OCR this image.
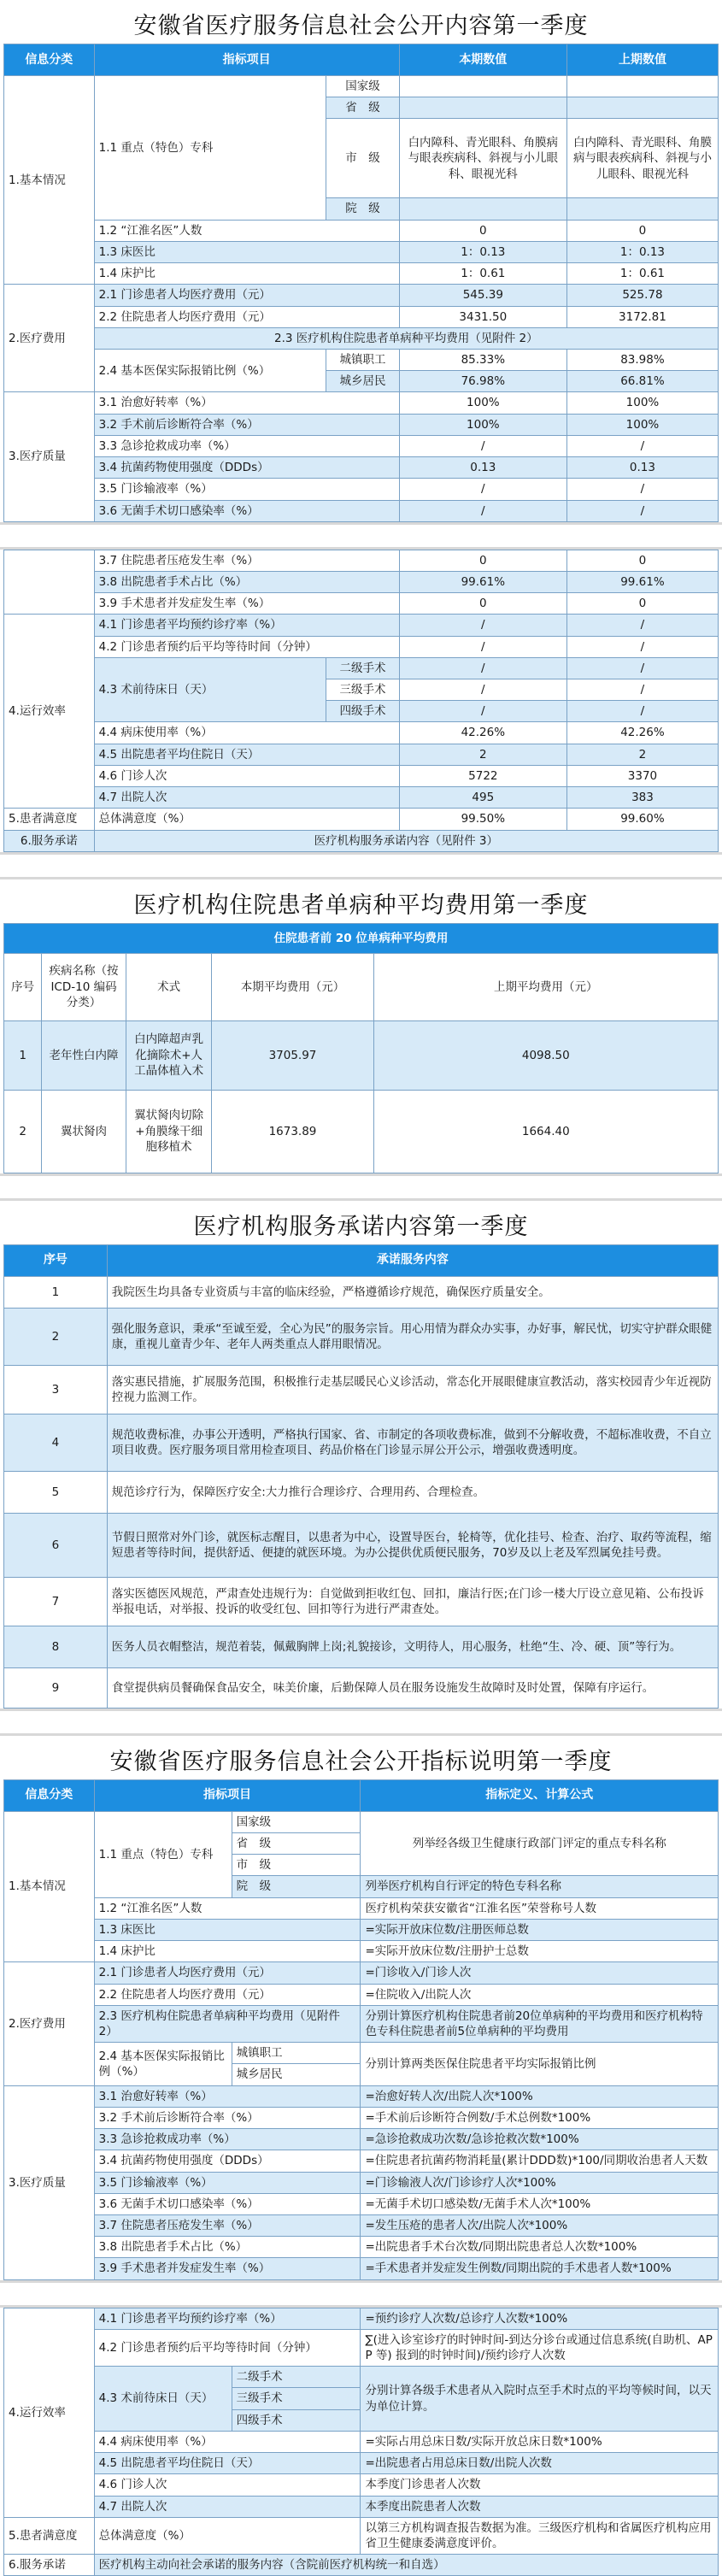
安徽省医疗服务信息社会公开内容第一季度
信息分类	指标项目		本期数值	上期数值
1.基本情况	1.1 重点（特色）专科	国家级		
		省　级		
		市　级	白内障科、青光眼科、角膜病与眼表疾病科、斜视与小儿眼科、眼视光科	白内障科、青光眼科、角膜病与眼表疾病科、斜视与小儿眼科、眼视光科
		院　级		
	1.2 “江淮名医”人数		0	0
	1.3 床医比		1：0.13	1：0.13
	1.4 床护比		1：0.61	1：0.61
2.医疗费用	2.1 门诊患者人均医疗费用（元）		545.39	525.78
	2.2 住院患者人均医疗费用（元）		3431.50	3172.81
	2.3 医疗机构住院患者单病种平均费用（见附件 2）			
	2.4 基本医保实际报销比例（%）	城镇职工	85.33%	83.98%
		城乡居民	76.98%	66.81%
3.医疗质量	3.1 治愈好转率（%）		100%	100%
	3.2 手术前后诊断符合率（%）		100%	100%
	3.3 急诊抢救成功率（%）		/	/
	3.4 抗菌药物使用强度（DDDs）		0.13	0.13
	3.5 门诊输液率（%）		/	/
	3.6 无菌手术切口感染率（%）		/	/
	3.7 住院患者压疮发生率（%）		0	0
	3.8 出院患者手术占比（%）		99.61%	99.61%
	3.9 手术患者并发症发生率（%）		0	0
4.运行效率	4.1 门诊患者平均预约诊疗率（%）		/	/
	4.2 门诊患者预约后平均等待时间（分钟）		/	/
	4.3 术前待床日（天）	二级手术	/	/
		三级手术	/	/
		四级手术	/	/
	4.4 病床使用率（%）		42.26%	42.26%
	4.5 出院患者平均住院日（天）		2	2
	4.6 门诊人次		5722	3370
	4.7 出院人次		495	383
5.患者满意度	总体满意度（%）		99.50%	99.60%
6.服务承诺	医疗机构服务承诺内容（见附件 3）			
医疗机构住院患者单病种平均费用第一季度
住院患者前 20 位单病种平均费用				
序号	疾病名称（按 ICD-10 编码分类）	术式	本期平均费用（元）	上期平均费用（元）
1	老年性白内障	白内障超声乳化摘除术+人工晶体植入术	3705.97	4098.50
2	翼状胬肉	翼状胬肉切除+角膜缘干细胞移植术	1673.89	1664.40
医疗机构服务承诺内容第一季度
序号	承诺服务内容
1	我院医生均具备专业资质与丰富的临床经验，严格遵循诊疗规范，确保医疗质量安全。
2	强化服务意识，秉承“至诚至爱，全心为民”的服务宗旨。用心用情为群众办实事，办好事，解民忧，切实守护群众眼健康，重视儿童青少年、老年人两类重点人群用眼情况。
3	落实惠民措施，扩展服务范围，积极推行走基层暖民心义诊活动，常态化开展眼健康宣教活动，落实校园青少年近视防控视力监测工作。
4	规范收费标准，办事公开透明，严格执行国家、省、市制定的各项收费标准，做到不分解收费，不超标准收费，不自立项目收费。医疗服务项目常用检查项目、药品价格在门诊显示屏公开公示，增强收费透明度。
5	规范诊疗行为，保障医疗安全:大力推行合理诊疗、合理用药、合理检查。
6	节假日照常对外门诊，就医标志醒目，以患者为中心，设置导医台，轮椅等，优化挂号、检查、治疗、取药等流程，缩短患者等待时间，提供舒适、便捷的就医环境。为办公提供优质便民服务，70岁及以上老及军烈属免挂号费。
7	落实医德医风规范，严肃查处违规行为：自觉做到拒收红包、回扣，廉洁行医;在门诊一楼大厅设立意见箱、公布投诉举报电话，对举报、投诉的收受红包、回扣等行为进行严肃查处。
8	医务人员衣帽整洁，规范着装，佩戴胸牌上岗;礼貌接诊，文明待人，用心服务，杜绝“生、冷、硬、顶”等行为。
9	食堂提供病员餐确保食品安全，味美价廉，后勤保障人员在服务设施发生故障时及时处置，保障有序运行。
安徽省医疗服务信息社会公开指标说明第一季度
信息分类	指标项目		指标定义、计算公式
1.基本情况	1.1 重点（特色）专科	国家级	列举经各级卫生健康行政部门评定的重点专科名称
		省　级	
		市　级	
		院　级	列举医疗机构自行评定的特色专科名称
	1.2 “江淮名医”人数		医疗机构荣获安徽省“江淮名医”荣誉称号人数
	1.3 床医比		=实际开放床位数/注册医师总数
	1.4 床护比		=实际开放床位数/注册护士总数
2.医疗费用	2.1 门诊患者人均医疗费用（元）		=门诊收入/门诊人次
	2.2 住院患者人均医疗费用（元）		=住院收入/出院人次
	2.3 医疗机构住院患者单病种平均费用（见附件 2）		分别计算医疗机构住院患者前20位单病种的平均费用和医疗机构特色专科住院患者前5位单病种的平均费用
	2.4 基本医保实际报销比例（%）	城镇职工	分别计算两类医保住院患者平均实际报销比例
		城乡居民	
3.医疗质量	3.1 治愈好转率（%）		=治愈好转人次/出院人次*100%
	3.2 手术前后诊断符合率（%）		=手术前后诊断符合例数/手术总例数*100%
	3.3 急诊抢救成功率（%）		=急诊抢救成功次数/急诊抢救次数*100%
	3.4 抗菌药物使用强度（DDDs）		=住院患者抗菌药物消耗量(累计DDD数)*100/同期收治患者人天数
	3.5 门诊输液率（%）		=门诊输液人次/门诊诊疗人次*100%
	3.6 无菌手术切口感染率（%）		=无菌手术切口感染数/无菌手术人次*100%
	3.7 住院患者压疮发生率（%）		=发生压疮的患者人次/出院人次*100%
	3.8 出院患者手术占比（%）		=出院患者手术台次数/同期出院患者总人次数*100%
	3.9 手术患者并发症发生率（%）		=手术患者并发症发生例数/同期出院的手术患者人数*100%
4.运行效率	4.1 门诊患者平均预约诊疗率（%）		=预约诊疗人次数/总诊疗人次数*100%
	4.2 门诊患者预约后平均等待时间（分钟）		∑(进入诊室诊疗的时钟时间-到达分诊台或通过信息系统(自助机、APP 等) 报到的时钟时间)/预约诊疗人次数
	4.3 术前待床日（天）	二级手术	分别计算各级手术患者从入院时点至手术时点的平均等候时间，以天为单位计算。
		三级手术	
		四级手术	
	4.4 病床使用率（%）		=实际占用总床日数/实际开放总床日数*100%
	4.5 出院患者平均住院日（天）		=出院患者占用总床日数/出院人次数
	4.6 门诊人次		本季度门诊患者人次数
	4.7 出院人次		本季度出院患者人次数
5.患者满意度	总体满意度（%）		以第三方机构调查报告数据为准。三级医疗机构和省属医疗机构应用省卫生健康委满意度评价。
6.服务承诺	医疗机构主动向社会承诺的服务内容（含院前医疗机构统一和自选）		
